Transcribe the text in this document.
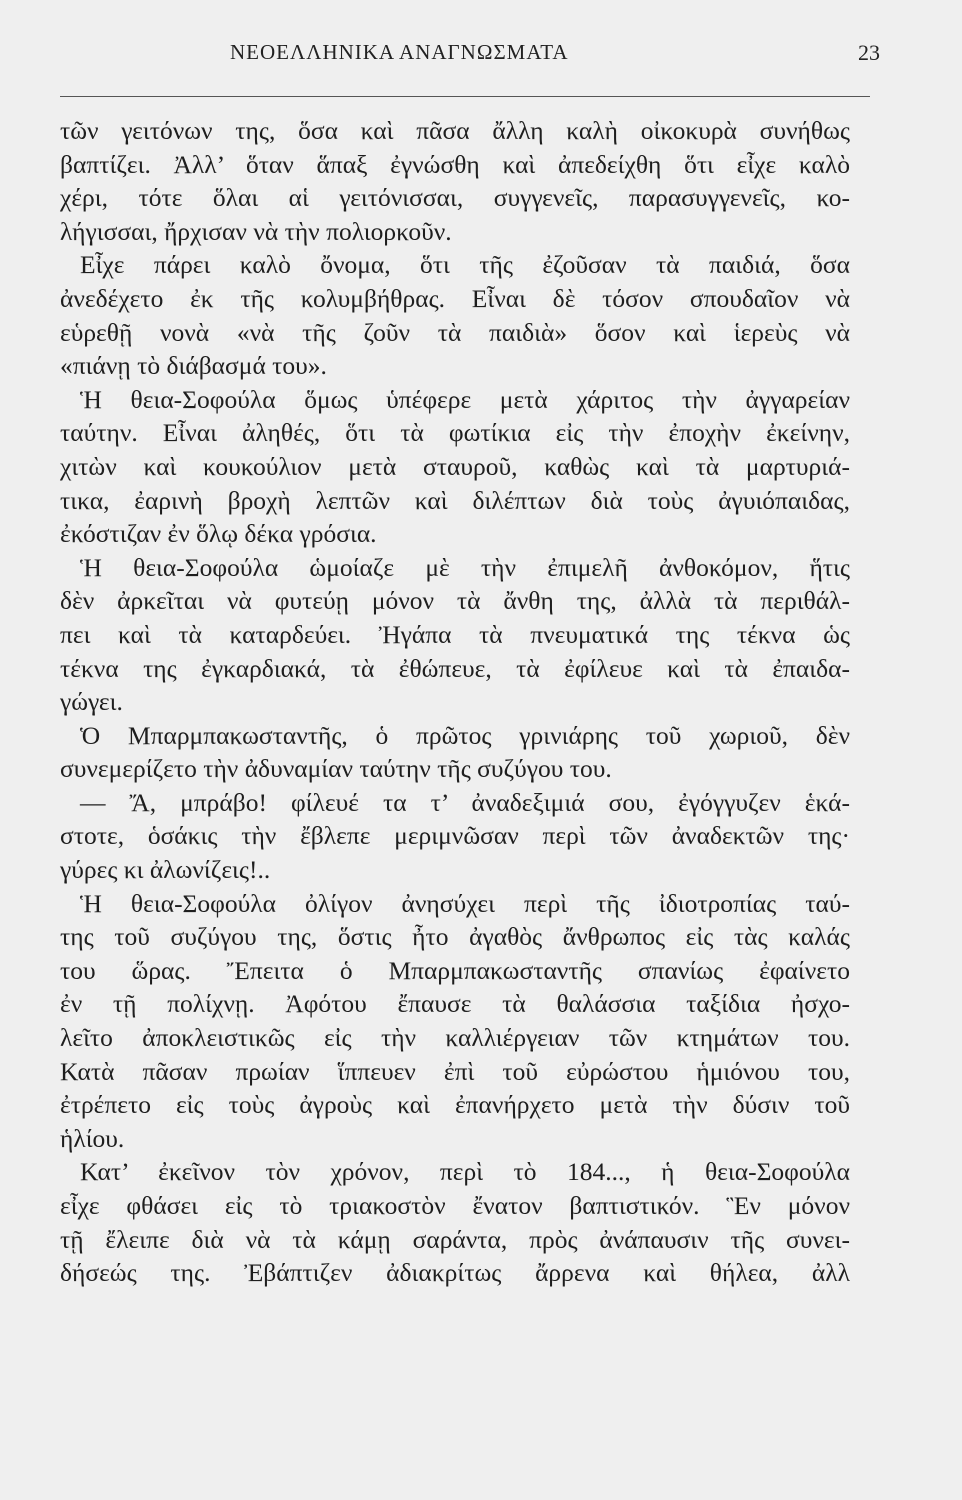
ΝΕΟΕΛΛΗΝΙΚΑ ΑΝΑΓΝΩΣΜΑΤΑ	23
τῶν γειτόνων της, ὅσα καὶ πᾶσα ἄλλη καλὴ οἰκοκυρὰ συνήθως
βαπτίζει. Ἀλλ’ ὅταν ἅπαξ ἐγνώσθη καὶ ἀπεδείχθη ὅτι εἶχε καλὸ
χέρι, τότε ὅλαι αἱ γειτόνισσαι, συγγενεῖς, παρασυγγενεῖς, κο-
λήγισσαι, ἤρχισαν νὰ τὴν πολιορκοῦν.
Εἶχε πάρει καλὸ ὄνομα, ὅτι τῆς ἐζοῦσαν τὰ παιδιά, ὅσα
ἀνεδέχετο ἐκ τῆς κολυμβήθρας. Εἶναι δὲ τόσον σπουδαῖον νὰ
εὑρεθῇ νονὰ «νὰ τῆς ζοῦν τὰ παιδιὰ» ὅσον καὶ ἱερεὺς νὰ
«πιάνῃ τὸ διάβασμά του».
Ἡ θεια-Σοφούλα ὅμως ὑπέφερε μετὰ χάριτος τὴν ἀγγαρείαν
ταύτην. Εἶναι ἀληθές, ὅτι τὰ φωτίκια εἰς τὴν ἐποχὴν ἐκείνην,
χιτὼν καὶ κουκούλιον μετὰ σταυροῦ, καθὼς καὶ τὰ μαρτυριά-
τικα, ἐαρινὴ βροχὴ λεπτῶν καὶ διλέπτων διὰ τοὺς ἀγυιόπαιδας,
ἐκόστιζαν ἐν ὅλῳ δέκα γρόσια.
Ἡ θεια-Σοφούλα ὡμοίαζε μὲ τὴν ἐπιμελῆ ἀνθοκόμον, ἥτις
δὲν ἀρκεῖται νὰ φυτεύῃ μόνον τὰ ἄνθη της, ἀλλὰ τὰ περιθάλ-
πει καὶ τὰ καταρδεύει. Ἠγάπα τὰ πνευματικά της τέκνα ὡς
τέκνα της ἐγκαρδιακά, τὰ ἐθώπευε, τὰ ἐφίλευε καὶ τὰ ἐπαιδα-
γώγει.
Ὁ Μπαρμπακωσταντῆς, ὁ πρῶτος γρινιάρης τοῦ χωριοῦ, δὲν
συνεμερίζετο τὴν ἀδυναμίαν ταύτην τῆς συζύγου του.
— Ἄ, μπράβο! φίλευέ τα τ’ ἀναδεξιμιά σου, ἐγόγγυζεν ἑκά-
στοτε, ὁσάκις τὴν ἔβλεπε μεριμνῶσαν περὶ τῶν ἀναδεκτῶν της·
γύρες κι ἀλωνίζεις!..
Ἡ θεια-Σοφούλα ὀλίγον ἀνησύχει περὶ τῆς ἰδιοτροπίας ταύ-
της τοῦ συζύγου της, ὅστις ἦτο ἀγαθὸς ἄνθρωπος εἰς τὰς καλάς
του ὥρας. Ἔπειτα ὁ Μπαρμπακωσταντῆς σπανίως ἐφαίνετο
ἐν τῇ πολίχνῃ. Ἀφότου ἔπαυσε τὰ θαλάσσια ταξίδια ἠσχο-
λεῖτο ἀποκλειστικῶς εἰς τὴν καλλιέργειαν τῶν κτημάτων του.
Κατὰ πᾶσαν πρωίαν ἵππευεν ἐπὶ τοῦ εὐρώστου ἡμιόνου του,
ἐτρέπετο εἰς τοὺς ἀγροὺς καὶ ἐπανήρχετο μετὰ τὴν δύσιν τοῦ
ἡλίου.
Κατ’ ἐκεῖνον τὸν χρόνον, περὶ τὸ 184..., ἡ θεια-Σοφούλα
εἶχε φθάσει εἰς τὸ τριακοστὸν ἔνατον βαπτιστικόν. Ἓν μόνον
τῇ ἔλειπε διὰ νὰ τὰ κάμῃ σαράντα, πρὸς ἀνάπαυσιν τῆς συνει-
δήσεώς της. Ἐβάπτιζεν ἀδιακρίτως ἄρρενα καὶ θήλεα, ἀλλ
